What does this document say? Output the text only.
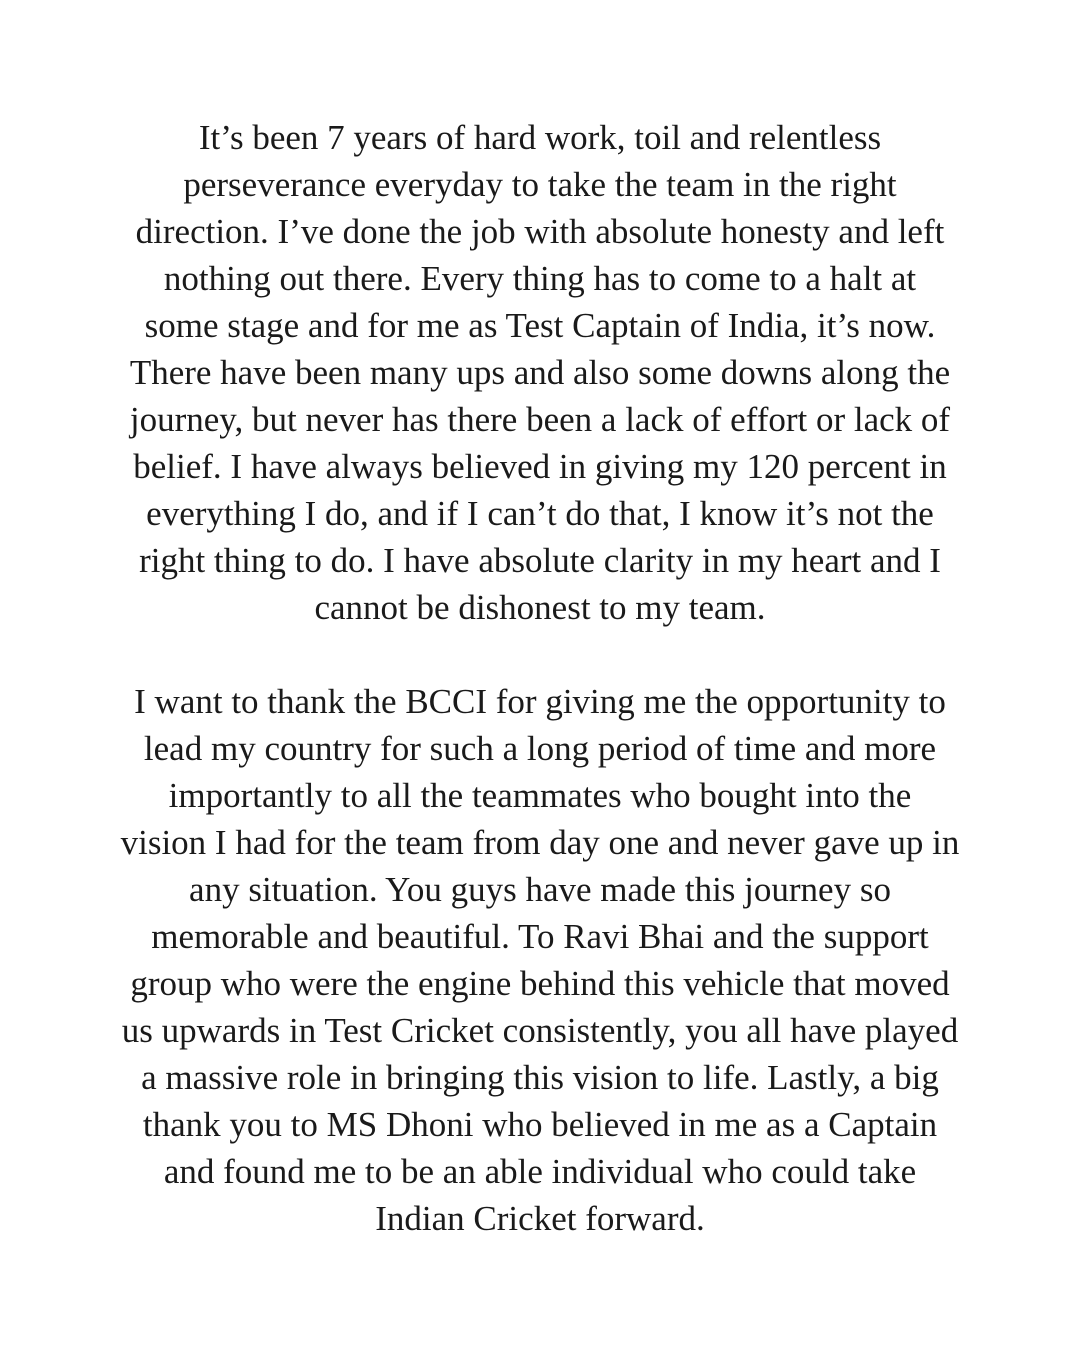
It’s been 7 years of hard work, toil and relentless
perseverance everyday to take the team in the right
direction. I’ve done the job with absolute honesty and left
nothing out there. Every thing has to come to a halt at
some stage and for me as Test Captain of India, it’s now.
There have been many ups and also some downs along the
journey, but never has there been a lack of effort or lack of
belief. I have always believed in giving my 120 percent in
everything I do, and if I can’t do that, I know it’s not the
right thing to do. I have absolute clarity in my heart and I
cannot be dishonest to my team.
I want to thank the BCCI for giving me the opportunity to
lead my country for such a long period of time and more
importantly to all the teammates who bought into the
vision I had for the team from day one and never gave up in
any situation. You guys have made this journey so
memorable and beautiful. To Ravi Bhai and the support
group who were the engine behind this vehicle that moved
us upwards in Test Cricket consistently, you all have played
a massive role in bringing this vision to life. Lastly, a big
thank you to MS Dhoni who believed in me as a Captain
and found me to be an able individual who could take
Indian Cricket forward.
